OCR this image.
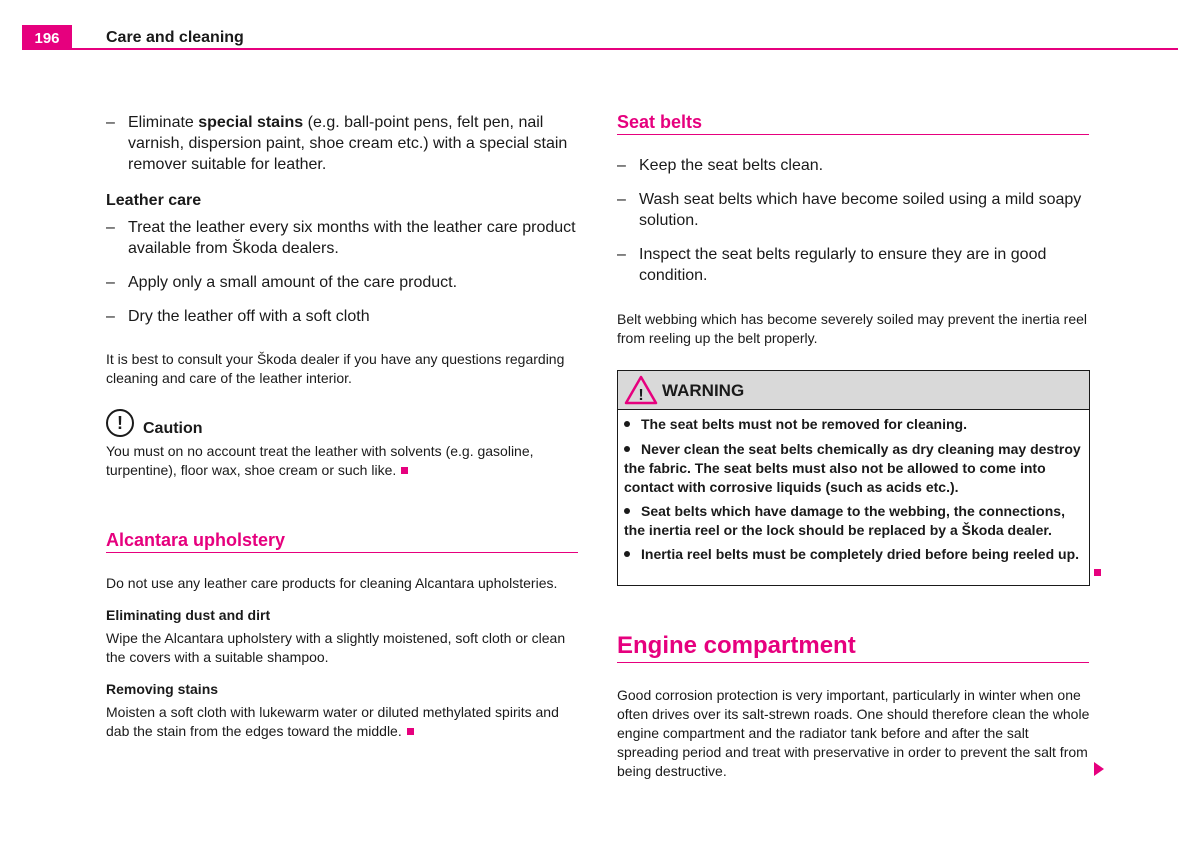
196	Care and cleaning
– Eliminate special stains (e.g. ball-point pens, felt pen, nail varnish, dispersion paint, shoe cream etc.) with a special stain remover suitable for leather.
Leather care
– Treat the leather every six months with the leather care product available from Škoda dealers.
– Apply only a small amount of the care product.
– Dry the leather off with a soft cloth
It is best to consult your Škoda dealer if you have any questions regarding cleaning and care of the leather interior.
!	Caution
You must on no account treat the leather with solvents (e.g. gasoline, turpentine), floor wax, shoe cream or such like.
Alcantara upholstery
Do not use any leather care products for cleaning Alcantara upholsteries.
Eliminating dust and dirt
Wipe the Alcantara upholstery with a slightly moistened, soft cloth or clean the covers with a suitable shampoo.
Removing stains
Moisten a soft cloth with lukewarm water or diluted methylated spirits and dab the stain from the edges toward the middle.
Seat belts
– Keep the seat belts clean.
– Wash seat belts which have become soiled using a mild soapy solution.
– Inspect the seat belts regularly to ensure they are in good condition.
Belt webbing which has become severely soiled may prevent the inertia reel from reeling up the belt properly.
! WARNING
The seat belts must not be removed for cleaning.
Never clean the seat belts chemically as dry cleaning may destroy the fabric. The seat belts must also not be allowed to come into contact with corrosive liquids (such as acids etc.).
Seat belts which have damage to the webbing, the connections, the inertia reel or the lock should be replaced by a Škoda dealer.
Inertia reel belts must be completely dried before being reeled up.
Engine compartment
Good corrosion protection is very important, particularly in winter when one often drives over its salt-strewn roads. One should therefore clean the whole engine compartment and the radiator tank before and after the salt spreading period and treat with preservative in order to prevent the salt from being destructive.
